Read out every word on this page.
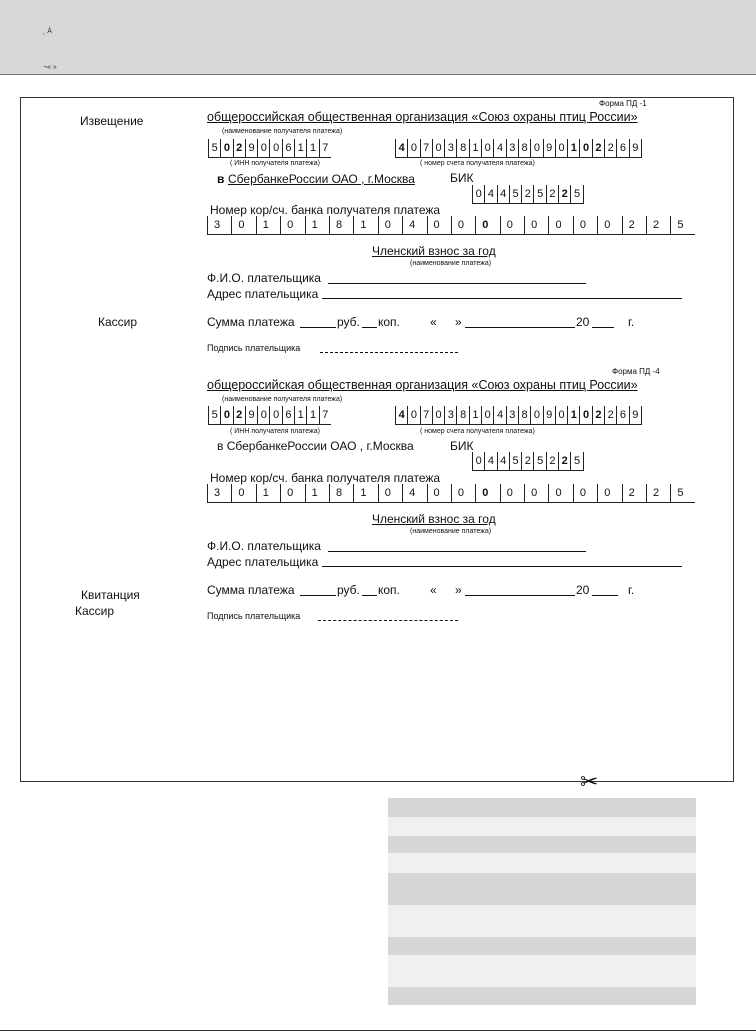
¸ À
¬« »
Извещение
Кассир
Форма ПД -1
общероссийская общественная организация «Союз охраны птиц России»
(наименование получателя платежа)
5 0 2 9 0 0 6 1 1 7	4 0 7 0 3 8 1 0 4 3 8 0 9 0 1 0 2 2 6 9
( ИНН получателя платежа)	( номер счета получателя платежа)
в СбербанкеРоссии ОАО , г.Москва	БИК
0 4 4 5 2 5 2 2 5
Номер кор/сч. банка получателя платежа
3	0	1	0	1	8	1	0	4	0	0	0	0	0	0	0	0	2	2	5
Членский взнос за год
(наименование платежа)
Ф.И.О. плательщика
Адрес плательщика
Сумма платежа	руб. коп.	« »	20	г.
Подпись плательщика
Форма ПД -4
общероссийская общественная организация «Союз охраны птиц России»
(наименование получателя платежа)
5 0 2 9 0 0 6 1 1 7	4 0 7 0 3 8 1 0 4 3 8 0 9 0 1 0 2 2 6 9
( ИНН получателя платежа)	( номер счета получателя платежа)
в СбербанкеРоссии ОАО , г.Москва	БИК
0 4 4 5 2 5 2 2 5
Номер кор/сч. банка получателя платежа
3	0	1	0	1	8	1	0	4	0	0	0	0	0	0	0	0	2	2	5
Членский взнос за год
(наименование платежа)
Ф.И.О. плательщика
Адрес плательщика
Квитанция
Кассир
Сумма платежа	руб. коп.	« »	20	г.
Подпись плательщика
✂
